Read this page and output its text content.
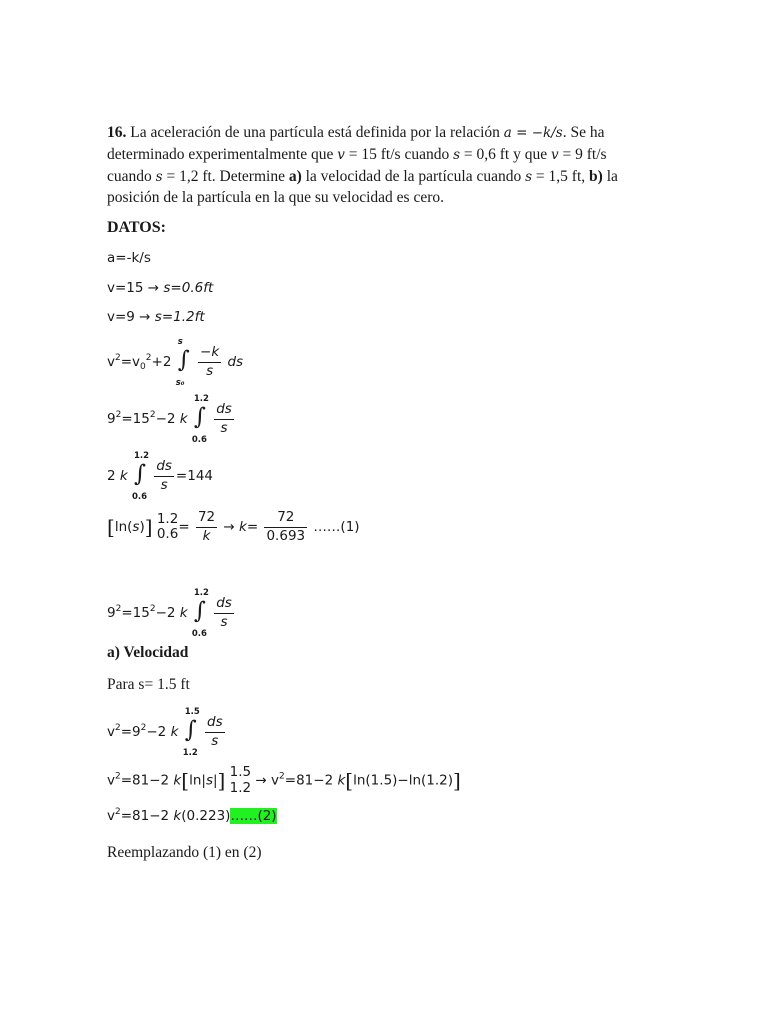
16. La aceleración de una partícula está definida por la relación a = −k/s. Se ha
determinado experimentalmente que v = 15 ft/s cuando s = 0,6 ft y que v = 9 ft/s
cuando s = 1,2 ft. Determine a) la velocidad de la partícula cuando s = 1,5 ft, b) la
posición de la partícula en la que su velocidad es cero.
DATOS:
a=-k/s
v=15 → s=0.6ft
v=9 → s=1.2ft
$v^2=v_0^2+2$ ∫
s
s₀

$\frac{-k}{s}$ ds
$9^2=15^2-2$ k ∫
1.2
0.6

$\frac{ds}{s}$
2 k ∫
1.2
0.6

$\frac{ds}{s} =144$
[ln(s)] 1.2
$0.6 = \frac{72}{k} \to k= \frac{72}{0.693}$ ……(1)
$9^2=15^2-2$ k ∫
1.2
0.6

$\frac{ds}{s}$
a) Velocidad
Para s= 1.5 ft
$v^2=9^2-2$ k ∫
1.5
1.2

$\frac{ds}{s}$
$v^2=81-2$ k[ln|s|] 1.5
$1.2 \to v^2=81-2$ k[ln(1.5)−ln(1.2)]
$v^2=81-2$ k(0.223)……(2)
Reemplazando (1) en (2)
